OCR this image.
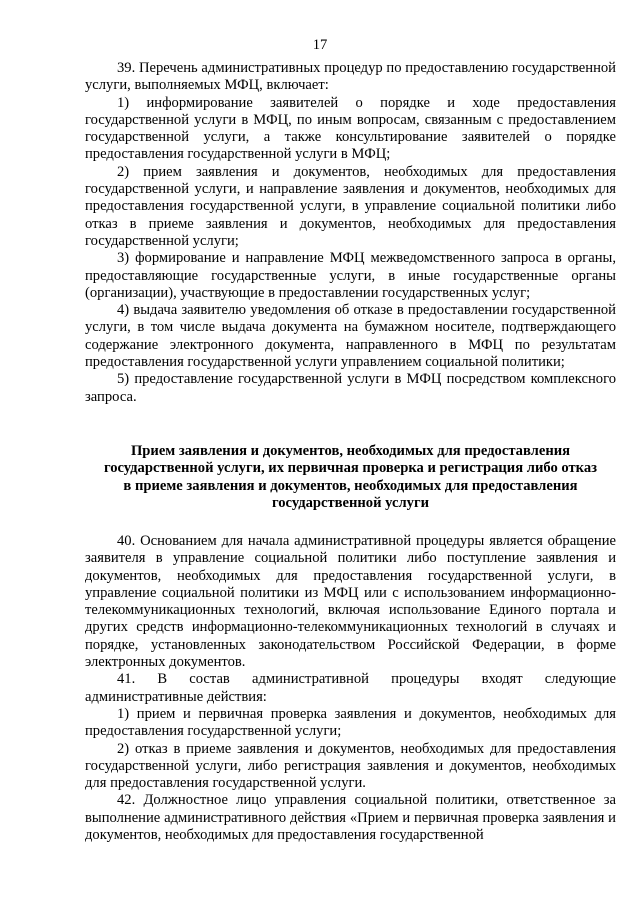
17

39. Перечень административных процедур по предоставлению государственной услуги, выполняемых МФЦ, включает:

1) информирование заявителей о порядке и ходе предоставления государственной услуги в МФЦ, по иным вопросам, связанным с предоставлением государственной услуги, а также консультирование заявителей о порядке предоставления государственной услуги в МФЦ;

2) прием заявления и документов, необходимых для предоставления государственной услуги, и направление заявления и документов, необходимых для предоставления государственной услуги, в управление социальной политики либо отказ в приеме заявления и документов, необходимых для предоставления государственной услуги;

3) формирование и направление МФЦ межведомственного запроса в органы, предоставляющие государственные услуги, в иные государственные органы (организации), участвующие в предоставлении государственных услуг;

4) выдача заявителю уведомления об отказе в предоставлении государственной услуги, в том числе выдача документа на бумажном носителе, подтверждающего содержание электронного документа, направленного в МФЦ по результатам предоставления государственной услуги управлением социальной политики;

5) предоставление государственной услуги в МФЦ посредством комплексного запроса.

Прием заявления и документов, необходимых для предоставления
государственной услуги, их первичная проверка и регистрация либо отказ
в приеме заявления и документов, необходимых для предоставления
государственной услуги

40. Основанием для начала административной процедуры является обращение заявителя в управление социальной политики либо поступление заявления и документов, необходимых для предоставления государственной услуги, в управление социальной политики из МФЦ или с использованием информационно-телекоммуникационных технологий, включая использование Единого портала и других средств информационно-телекоммуникационных технологий в случаях и порядке, установленных законодательством Российской Федерации, в форме электронных документов.

41. В состав административной процедуры входят следующие административные действия:

1) прием и первичная проверка заявления и документов, необходимых для предоставления государственной услуги;

2) отказ в приеме заявления и документов, необходимых для предоставления государственной услуги, либо регистрация заявления и документов, необходимых для предоставления государственной услуги.

42. Должностное лицо управления социальной политики, ответственное за выполнение административного действия «Прием и первичная проверка заявления и документов, необходимых для предоставления государственной
